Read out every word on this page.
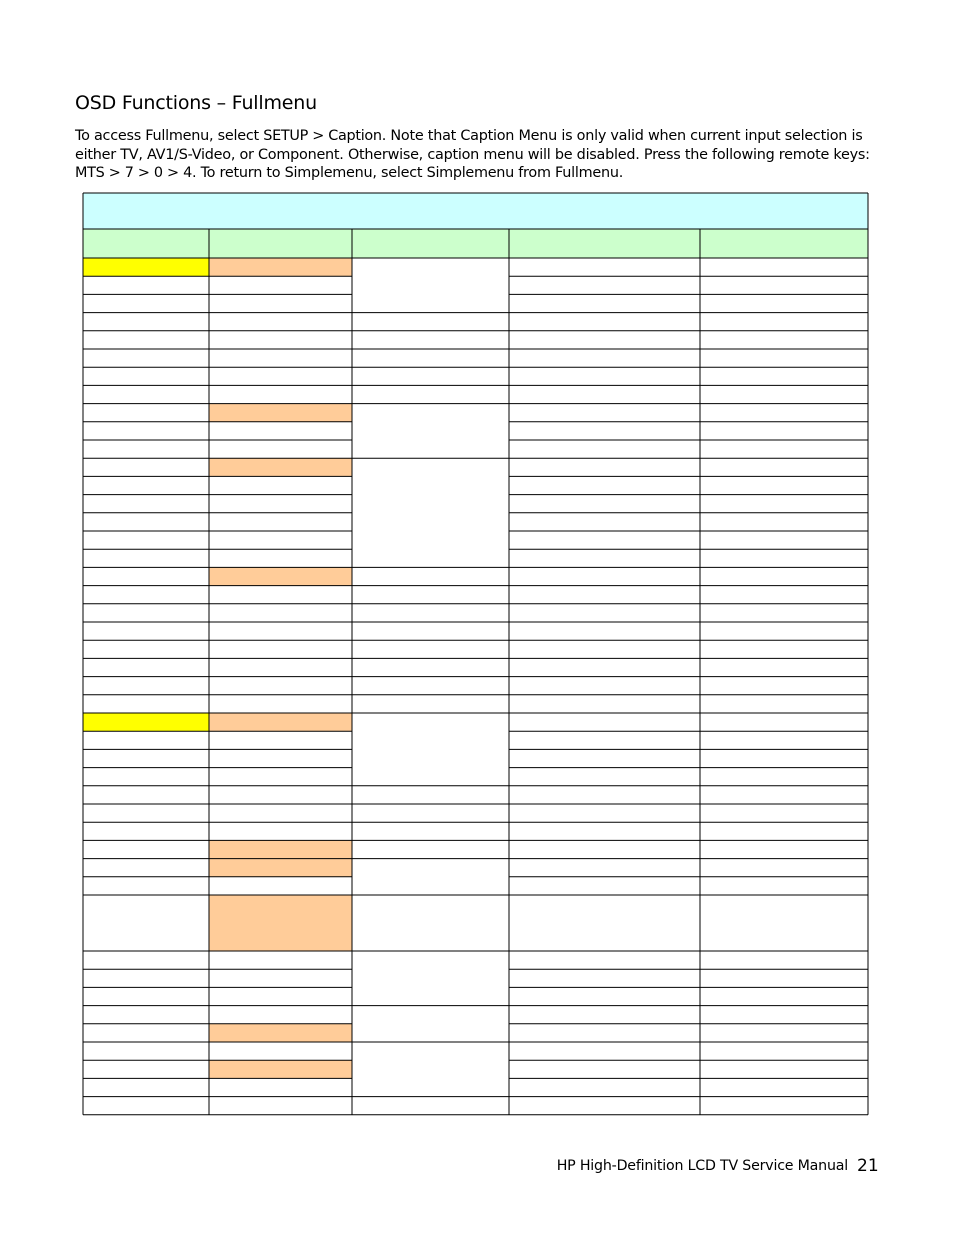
OSD Functions – Fullmenu
To access Fullmenu, select SETUP > Caption. Note that Caption Menu is only valid when current input selection is either TV, AV1/S-Video, or Component. Otherwise, caption menu will be disabled. Press the following remote keys: MTS > 7 > 0 > 4. To return to Simplemenu, select Simplemenu from Fullmenu.
HP High-Definition LCD TV Service Manual 21
